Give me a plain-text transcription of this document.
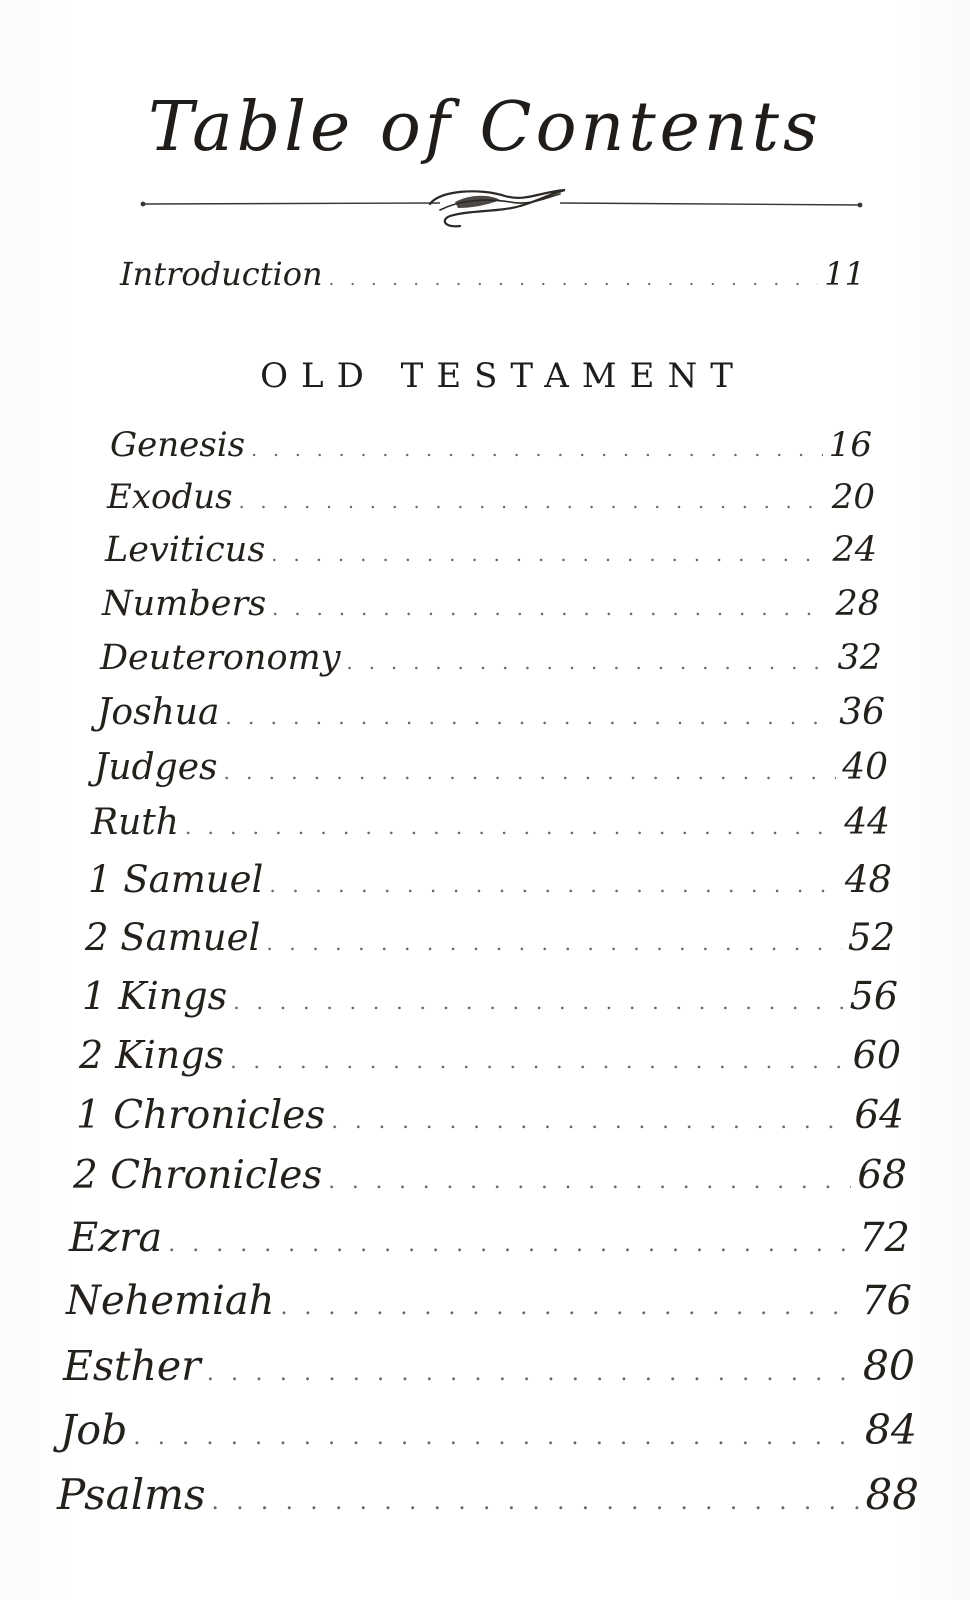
Table of Contents
Introduction . . .	11
OLD TESTAMENT
Genesis . . .	16
Exodus . . .	20
Leviticus . . .	24
Numbers . . .	28
Deuteronomy . . .	32
Joshua . . .	36
Judges . . .	40
Ruth . . .	44
1 Samuel . . .	48
2 Samuel . . .	52
1 Kings . . .	56
2 Kings . . .	60
1 Chronicles . . .	64
2 Chronicles . . .	68
Ezra . . .	72
Nehemiah . . .	76
Esther . . .	80
Job . . .	84
Psalms . . .	88
